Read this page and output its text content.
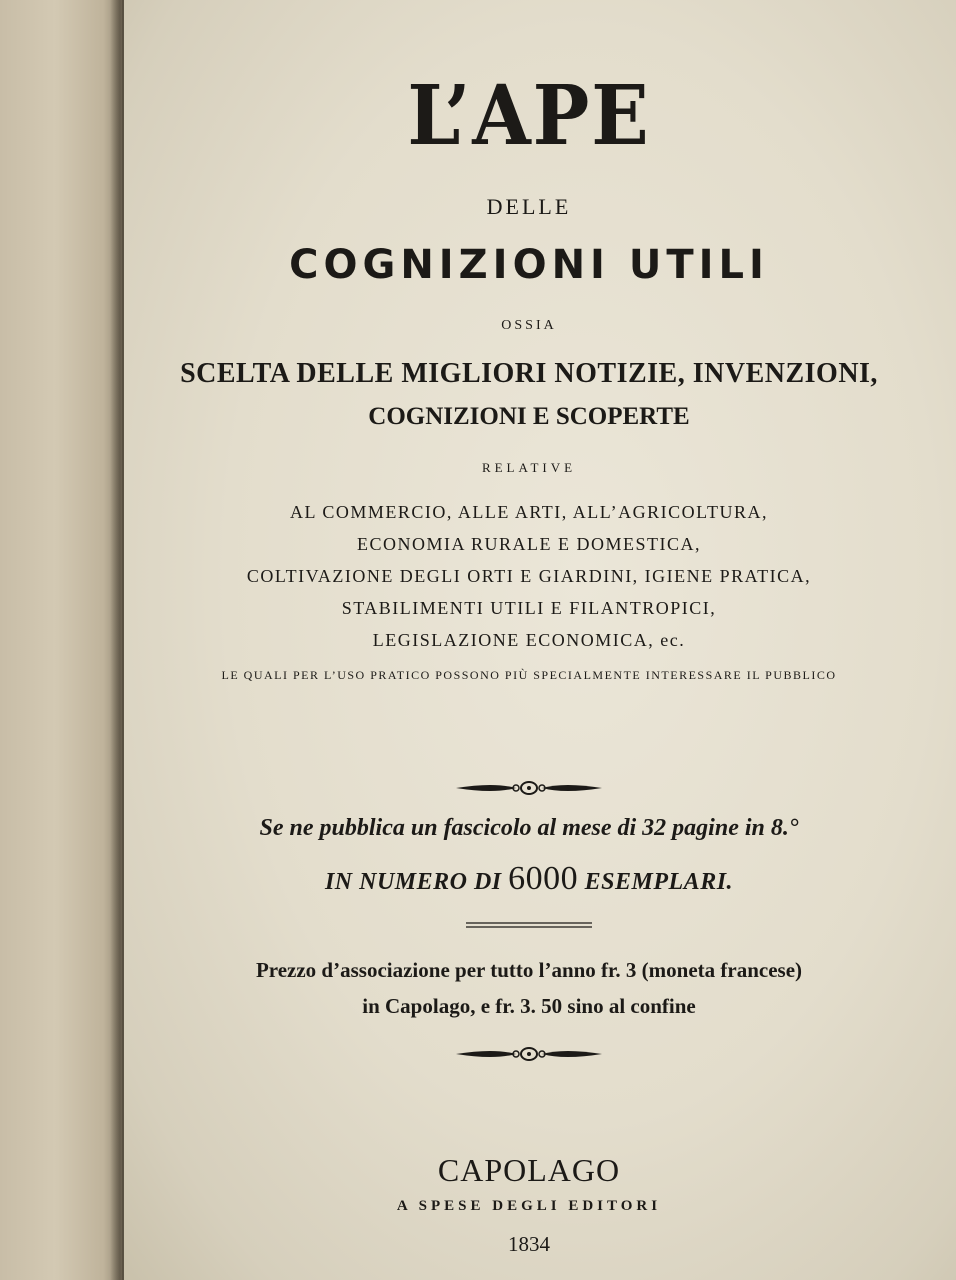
L’APE
DELLE
COGNIZIONI UTILI
OSSIA
SCELTA DELLE MIGLIORI NOTIZIE, INVENZIONI,
COGNIZIONI E SCOPERTE
RELATIVE
AL COMMERCIO, ALLE ARTI, ALL’AGRICOLTURA,
ECONOMIA RURALE E DOMESTICA,
COLTIVAZIONE DEGLI ORTI E GIARDINI, IGIENE PRATICA,
STABILIMENTI UTILI E FILANTROPICI,
LEGISLAZIONE ECONOMICA, ec.
LE QUALI PER L’USO PRATICO POSSONO PIÙ SPECIALMENTE INTERESSARE IL PUBBLICO
Se ne pubblica un fascicolo al mese di 32 pagine in 8.°
IN NUMERO DI 6000 ESEMPLARI.
Prezzo d’associazione per tutto l’anno fr. 3 (moneta francese)
in Capolago, e fr. 3. 50 sino al confine
CAPOLAGO
A SPESE DEGLI EDITORI
1834
